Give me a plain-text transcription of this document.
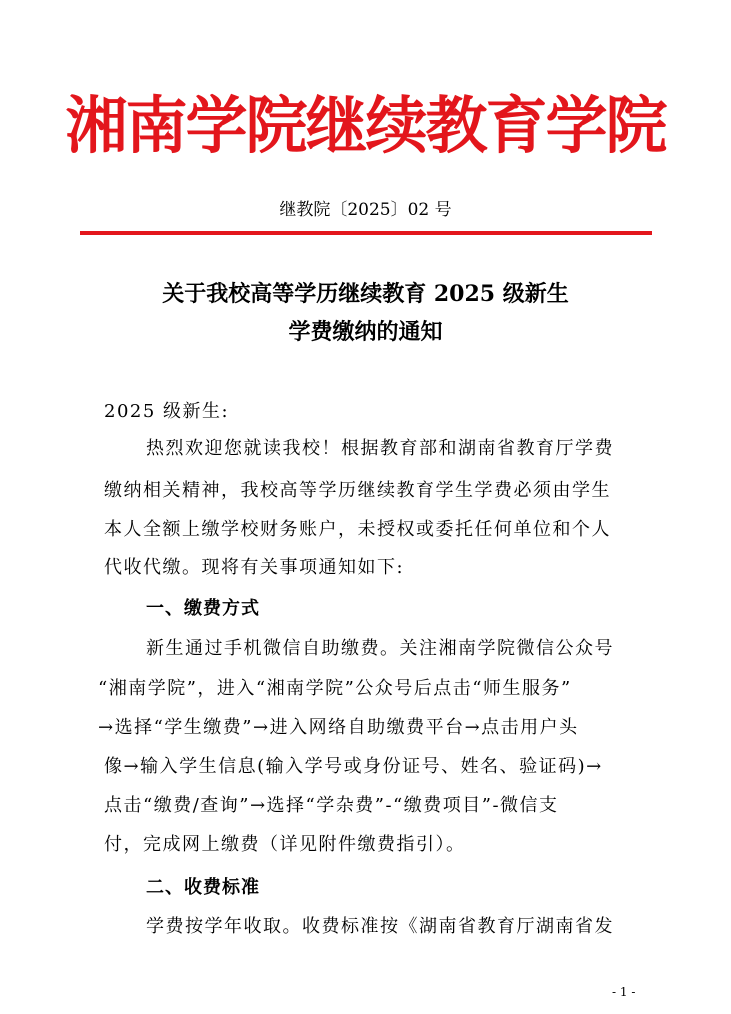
湘南学院继续教育学院
继教院〔2025〕02 号
关于我校高等学历继续教育 2025 级新生
学费缴纳的通知
2025 级新生:
热烈欢迎您就读我校！根据教育部和湖南省教育厅学费
缴纳相关精神，我校高等学历继续教育学生学费必须由学生
本人全额上缴学校财务账户，未授权或委托任何单位和个人
代收代缴。现将有关事项通知如下:
一、缴费方式
新生通过手机微信自助缴费。关注湘南学院微信公众号
“湘南学院”，进入“湘南学院”公众号后点击“师生服务”
→选择“学生缴费”→进入网络自助缴费平台→点击用户头
像→输入学生信息(输入学号或身份证号、姓名、验证码)→
点击“缴费/查询”→选择“学杂费”-“缴费项目”-微信支
付，完成网上缴费（详见附件缴费指引）。
二、收费标准
学费按学年收取。收费标准按《湖南省教育厅湖南省发
- 1 -
